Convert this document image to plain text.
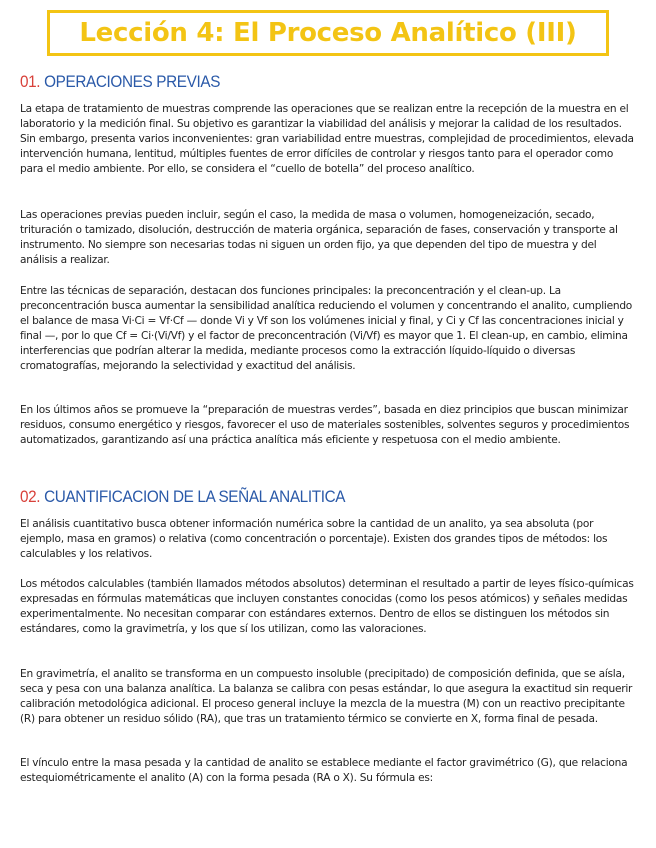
Lección 4: El Proceso Analítico (III)
01. OPERACIONES PREVIAS

La etapa de tratamiento de muestras comprende las operaciones que se realizan entre la recepción de la muestra en el laboratorio y la medición final. Su objetivo es garantizar la viabilidad del análisis y mejorar la calidad de los resultados. Sin embargo, presenta varios inconvenientes: gran variabilidad entre muestras, complejidad de procedimientos, elevada intervención humana, lentitud, múltiples fuentes de error difíciles de controlar y riesgos tanto para el operador como para el medio ambiente. Por ello, se considera el “cuello de botella” del proceso analítico.

Las operaciones previas pueden incluir, según el caso, la medida de masa o volumen, homogeneización, secado, trituración o tamizado, disolución, destrucción de materia orgánica, separación de fases, conservación y transporte al instrumento. No siempre son necesarias todas ni siguen un orden fijo, ya que dependen del tipo de muestra y del análisis a realizar.

Entre las técnicas de separación, destacan dos funciones principales: la preconcentración y el clean-up. La preconcentración busca aumentar la sensibilidad analítica reduciendo el volumen y concentrando el analito, cumpliendo el balance de masa Vi·Ci = Vf·Cf — donde Vi y Vf son los volúmenes inicial y final, y Ci y Cf las concentraciones inicial y final —, por lo que Cf = Ci·(Vi/Vf) y el factor de preconcentración (Vi/Vf) es mayor que 1. El clean-up, en cambio, elimina interferencias que podrían alterar la medida, mediante procesos como la extracción líquido-líquido o diversas cromatografías, mejorando la selectividad y exactitud del análisis.

En los últimos años se promueve la “preparación de muestras verdes”, basada en diez principios que buscan minimizar residuos, consumo energético y riesgos, favorecer el uso de materiales sostenibles, solventes seguros y procedimientos automatizados, garantizando así una práctica analítica más eficiente y respetuosa con el medio ambiente.

02. CUANTIFICACION DE LA SEÑAL ANALITICA

El análisis cuantitativo busca obtener información numérica sobre la cantidad de un analito, ya sea absoluta (por ejemplo, masa en gramos) o relativa (como concentración o porcentaje). Existen dos grandes tipos de métodos: los calculables y los relativos.

Los métodos calculables (también llamados métodos absolutos) determinan el resultado a partir de leyes físico-químicas expresadas en fórmulas matemáticas que incluyen constantes conocidas (como los pesos atómicos) y señales medidas experimentalmente. No necesitan comparar con estándares externos. Dentro de ellos se distinguen los métodos sin estándares, como la gravimetría, y los que sí los utilizan, como las valoraciones.

En gravimetría, el analito se transforma en un compuesto insoluble (precipitado) de composición definida, que se aísla, seca y pesa con una balanza analítica. La balanza se calibra con pesas estándar, lo que asegura la exactitud sin requerir calibración metodológica adicional. El proceso general incluye la mezcla de la muestra (M) con un reactivo precipitante (R) para obtener un residuo sólido (RA), que tras un tratamiento térmico se convierte en X, forma final de pesada.

El vínculo entre la masa pesada y la cantidad de analito se establece mediante el factor gravimétrico (G), que relaciona estequiométricamente el analito (A) con la forma pesada (RA o X). Su fórmula es:
